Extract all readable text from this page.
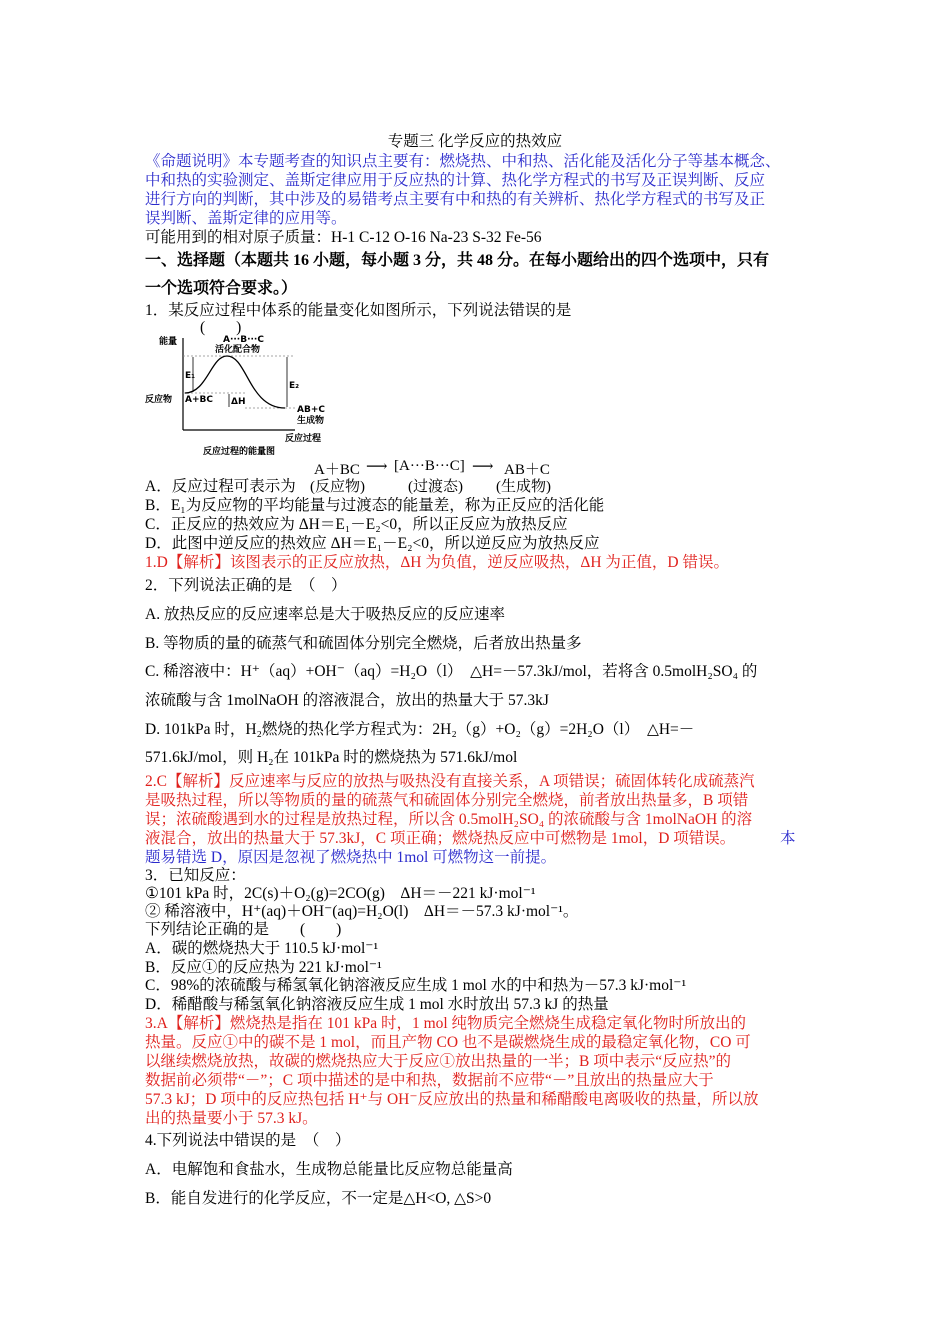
专题三 化学反应的热效应
《命题说明》本专题考查的知识点主要有：燃烧热、中和热、活化能及活化分子等基本概念、
中和热的实验测定、盖斯定律应用于反应热的计算、热化学方程式的书写及正误判断、反应
进行方向的判断，其中涉及的易错考点主要有中和热的有关辨析、热化学方程式的书写及正
误判断、盖斯定律的应用等。
可能用到的相对原子质量：H-1 C-12 O-16 Na-23 S-32 Fe-56
一、选择题（本题共 16 小题，每小题 3 分，共 48 分。在每小题给出的四个选项中，只有
一个选项符合要求。）
1．某反应过程中体系的能量变化如图所示，下列说法错误的是
(　　)
能量	A···B···C
活化配合物
E₁
E₂
反应物 A+BC ΔH
AB+C
生成物
反应过程
反应过程的能量图
A＋BC ⟶ [A···B···C] ⟶ AB＋C
(反应物)	(过渡态) (生成物)
A．反应过程可表示为
B．E₁为反应物的平均能量与过渡态的能量差，称为正反应的活化能
C．正反应的热效应为 ΔH＝E₁－E₂<0，所以正反应为放热反应
D．此图中逆反应的热效应 ΔH＝E₁－E₂<0，所以逆反应为放热反应
1.D【解析】该图表示的正反应放热，ΔH 为负值，逆反应吸热，ΔH 为正值，D 错误。
2．下列说法正确的是　（　）
A. 放热反应的反应速率总是大于吸热反应的反应速率
B. 等物质的量的硫蒸气和硫固体分别完全燃烧，后者放出热量多
C. 稀溶液中：H⁺（aq）+OH⁻（aq）=H₂O（l）　△H=－57.3kJ/mol，若将含 0.5molH₂SO₄ 的
浓硫酸与含 1molNaOH 的溶液混合，放出的热量大于 57.3kJ
D. 101kPa 时，H₂燃烧的热化学方程式为：2H₂（g）+O₂（g）=2H₂O（l）　△H=－
571.6kJ/mol，则 H₂在 101kPa 时的燃烧热为 571.6kJ/mol
2.C【解析】反应速率与反应的放热与吸热没有直接关系，A 项错误；硫固体转化成硫蒸汽
是吸热过程，所以等物质的量的硫蒸气和硫固体分别完全燃烧，前者放出热量多，B 项错
误；浓硫酸遇到水的过程是放热过程，所以含 0.5molH₂SO₄ 的浓硫酸与含 1molNaOH 的溶
液混合，放出的热量大于 57.3kJ，C 项正确；燃烧热反应中可燃物是 1mol，D 项错误。	本
题易错选 D，原因是忽视了燃烧热中 1mol 可燃物这一前提。
3．已知反应：
①101 kPa 时，2C(s)＋O₂(g)=2CO(g)　ΔH＝－221 kJ·mol⁻¹
② 稀溶液中，H⁺(aq)＋OH⁻(aq)=H₂O(l)　ΔH＝－57.3 kJ·mol⁻¹。
下列结论正确的是　　(　　)
A．碳的燃烧热大于 110.5 kJ·mol⁻¹
B．反应①的反应热为 221 kJ·mol⁻¹
C．98%的浓硫酸与稀氢氧化钠溶液反应生成 1 mol 水的中和热为－57.3 kJ·mol⁻¹
D．稀醋酸与稀氢氧化钠溶液反应生成 1 mol 水时放出 57.3 kJ 的热量
3.A【解析】燃烧热是指在 101 kPa 时，1 mol 纯物质完全燃烧生成稳定氧化物时所放出的
热量。反应①中的碳不是 1 mol，而且产物 CO 也不是碳燃烧生成的最稳定氧化物，CO 可
以继续燃烧放热，故碳的燃烧热应大于反应①放出热量的一半；B 项中表示“反应热”的
数据前必须带“－”；C 项中描述的是中和热，数据前不应带“－”且放出的热量应大于
57.3 kJ；D 项中的反应热包括 H⁺与 OH⁻反应放出的热量和稀醋酸电离吸收的热量，所以放
出的热量要小于 57.3 kJ。
4.下列说法中错误的是　（　）
A．电解饱和食盐水，生成物总能量比反应物总能量高
B．能自发进行的化学反应，不一定是△H<O, △S>0
